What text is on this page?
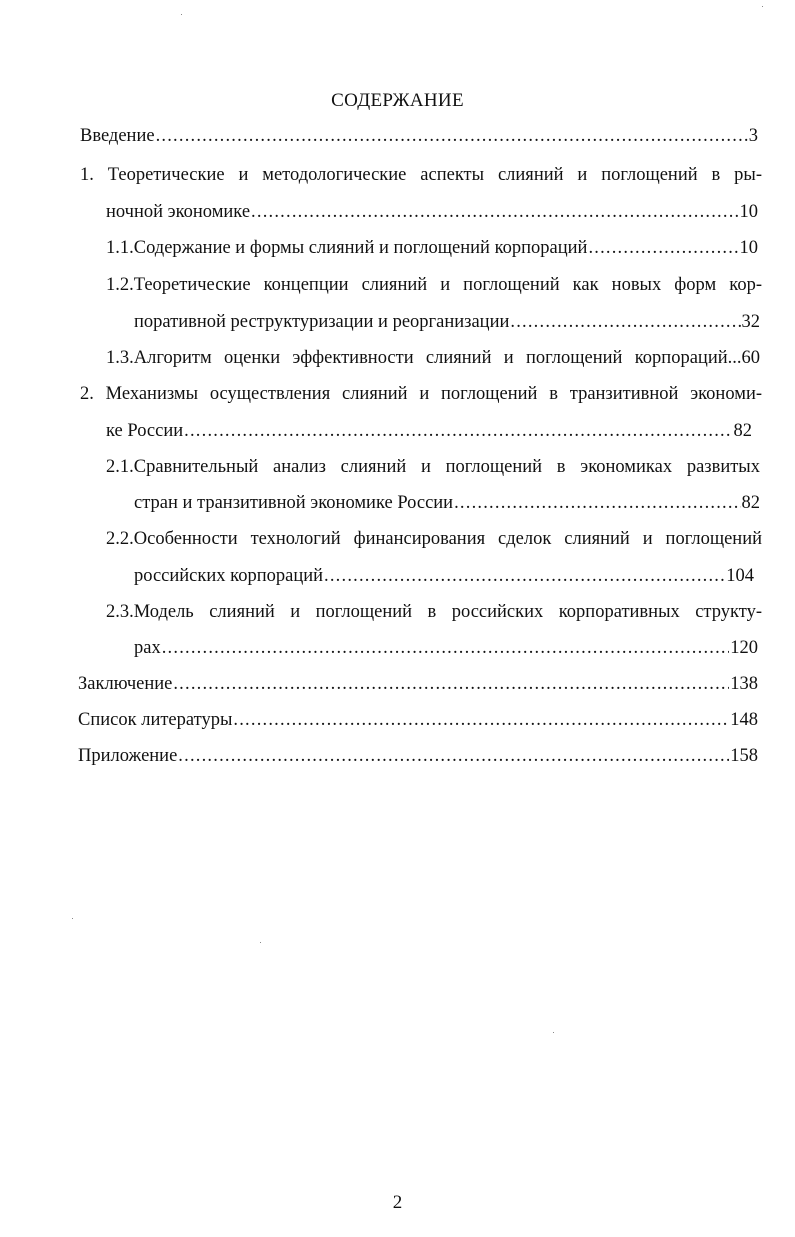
СОДЕРЖАНИЕ
Введение .....	3
1. Теоретические и методологические аспекты слияний и поглощений в ры-
ночной экономике .....	10
1.1.Содержание и формы слияний и поглощений корпораций .....	10
1.2.Теоретические концепции слияний и поглощений как новых форм кор-
поративной реструктуризации и реорганизации .....	32
1.3.Алгоритм оценки эффективности слияний и поглощений корпораций...60
2. Механизмы осуществления слияний и поглощений в транзитивной экономи-
ке России .....	82
2.1.Сравнительный анализ слияний и поглощений в экономиках развитых
стран и транзитивной экономике России .....	82
2.2.Особенности технологий финансирования сделок слияний и поглощений
российских корпораций .....	104
2.3.Модель слияний и поглощений в российских корпоративных структу-
рах .....	120
Заключение .....	138
Список литературы .....	148
Приложение .....	158
2
